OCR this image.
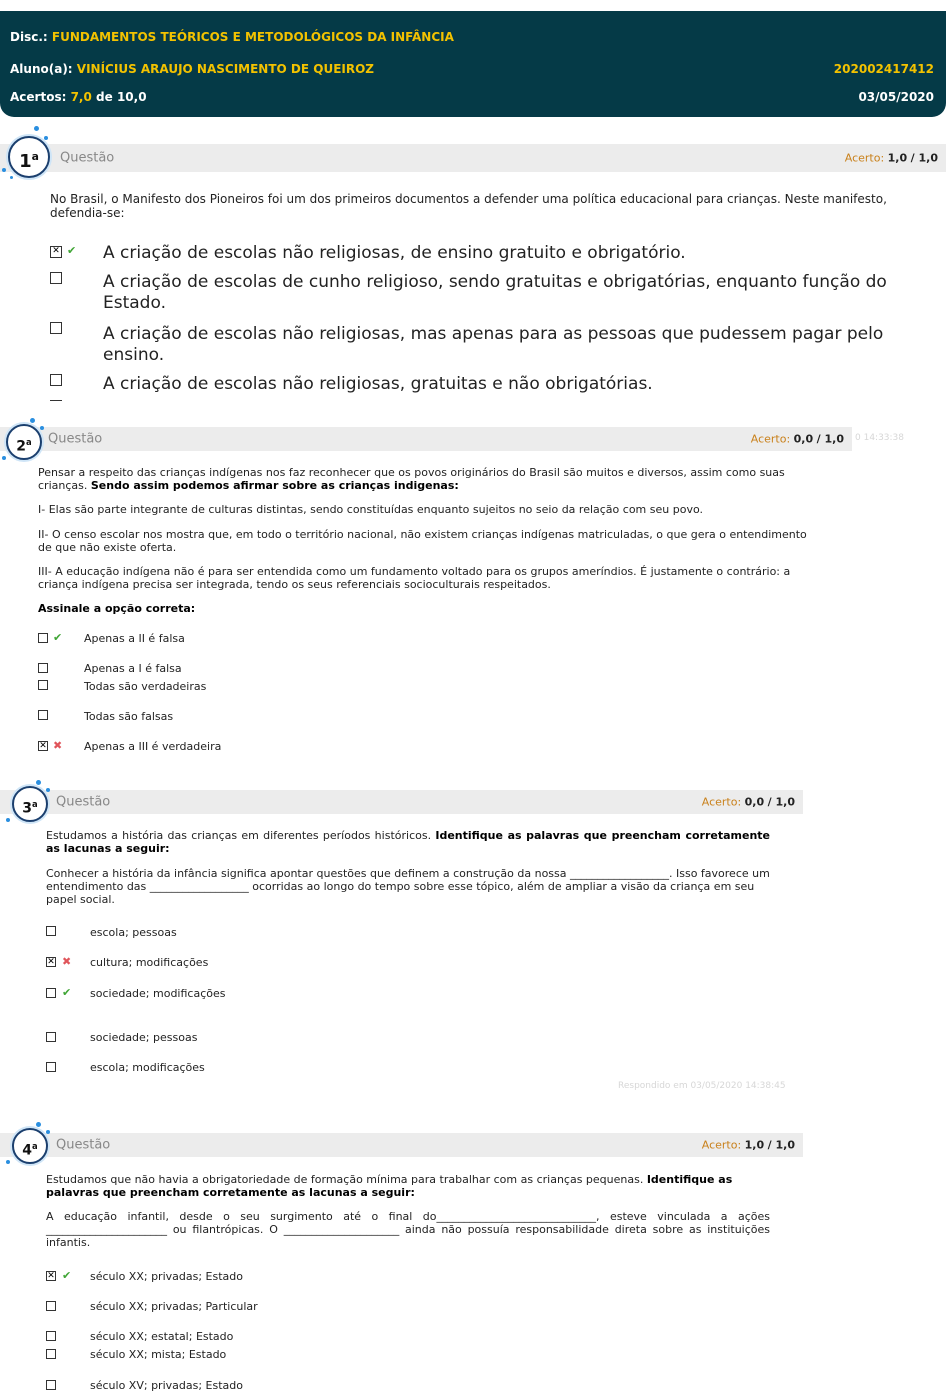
Disc.: FUNDAMENTOS TEÓRICOS E METODOLÓGICOS DA INFÂNCIA
Aluno(a): VINÍCIUS ARAUJO NASCIMENTO DE QUEIROZ	202002417412
Acertos: 7,0 de 10,0	03/05/2020
1$^a$	Questão	Acerto: 1,0 / 1,0
No Brasil, o Manifesto dos Pioneiros foi um dos primeiros documentos a defender uma política educacional para crianças. Neste manifesto, defendia-se:
✕ ✔ A criação de escolas não religiosas, de ensino gratuito e obrigatório.
A criação de escolas de cunho religioso, sendo gratuitas e obrigatórias, enquanto função do Estado.
A criação de escolas não religiosas, mas apenas para as pessoas que pudessem pagar pelo ensino.
A criação de escolas não religiosas, gratuitas e não obrigatórias.
2$^a$	Questão	Acerto: 0,0 / 1,0 0 14:33:38
Pensar a respeito das crianças indígenas nos faz reconhecer que os povos originários do Brasil são muitos e diversos, assim como suas crianças. Sendo assim podemos afirmar sobre as crianças indigenas:
I- Elas são parte integrante de culturas distintas, sendo constituídas enquanto sujeitos no seio da relação com seu povo.
II- O censo escolar nos mostra que, em todo o território nacional, não existem crianças indígenas matriculadas, o que gera o entendimento de que não existe oferta.
III- A educação indígena não é para ser entendida como um fundamento voltado para os grupos ameríndios. É justamente o contrário: a criança indígena precisa ser integrada, tendo os seus referenciais socioculturais respeitados.
Assinale a opção correta:
✔ Apenas a II é falsa
Apenas a I é falsa
Todas são verdadeiras
Todas são falsas
✕ ✖ Apenas a III é verdadeira
3$^a$	Questão	Acerto: 0,0 / 1,0
Estudamos a história das crianças em diferentes períodos históricos. Identifique as palavras que preencham corretamente as lacunas a seguir:
Conhecer a história da infância significa apontar questões que definem a construção da nossa __________________. Isso favorece um entendimento das __________________ ocorridas ao longo do tempo sobre esse tópico, além de ampliar a visão da criança em seu papel social.
escola; pessoas
✕ ✖ cultura; modificações
✔ sociedade; modificações
sociedade; pessoas
escola; modificações
Respondido em 03/05/2020 14:38:45
4$^a$	Questão	Acerto: 1,0 / 1,0
Estudamos que não havia a obrigatoriedade de formação mínima para trabalhar com as crianças pequenas. Identifique as palavras que preencham corretamente as lacunas a seguir:
A educação infantil, desde o seu surgimento até o final do_____________________________, esteve vinculada a ações ______________________ ou filantrópicas. O _____________________ ainda não possuía responsabilidade direta sobre as instituições infantis.
✕ ✔ século XX; privadas; Estado
século XX; privadas; Particular
século XX; estatal; Estado
século XX; mista; Estado
século XV; privadas; Estado
